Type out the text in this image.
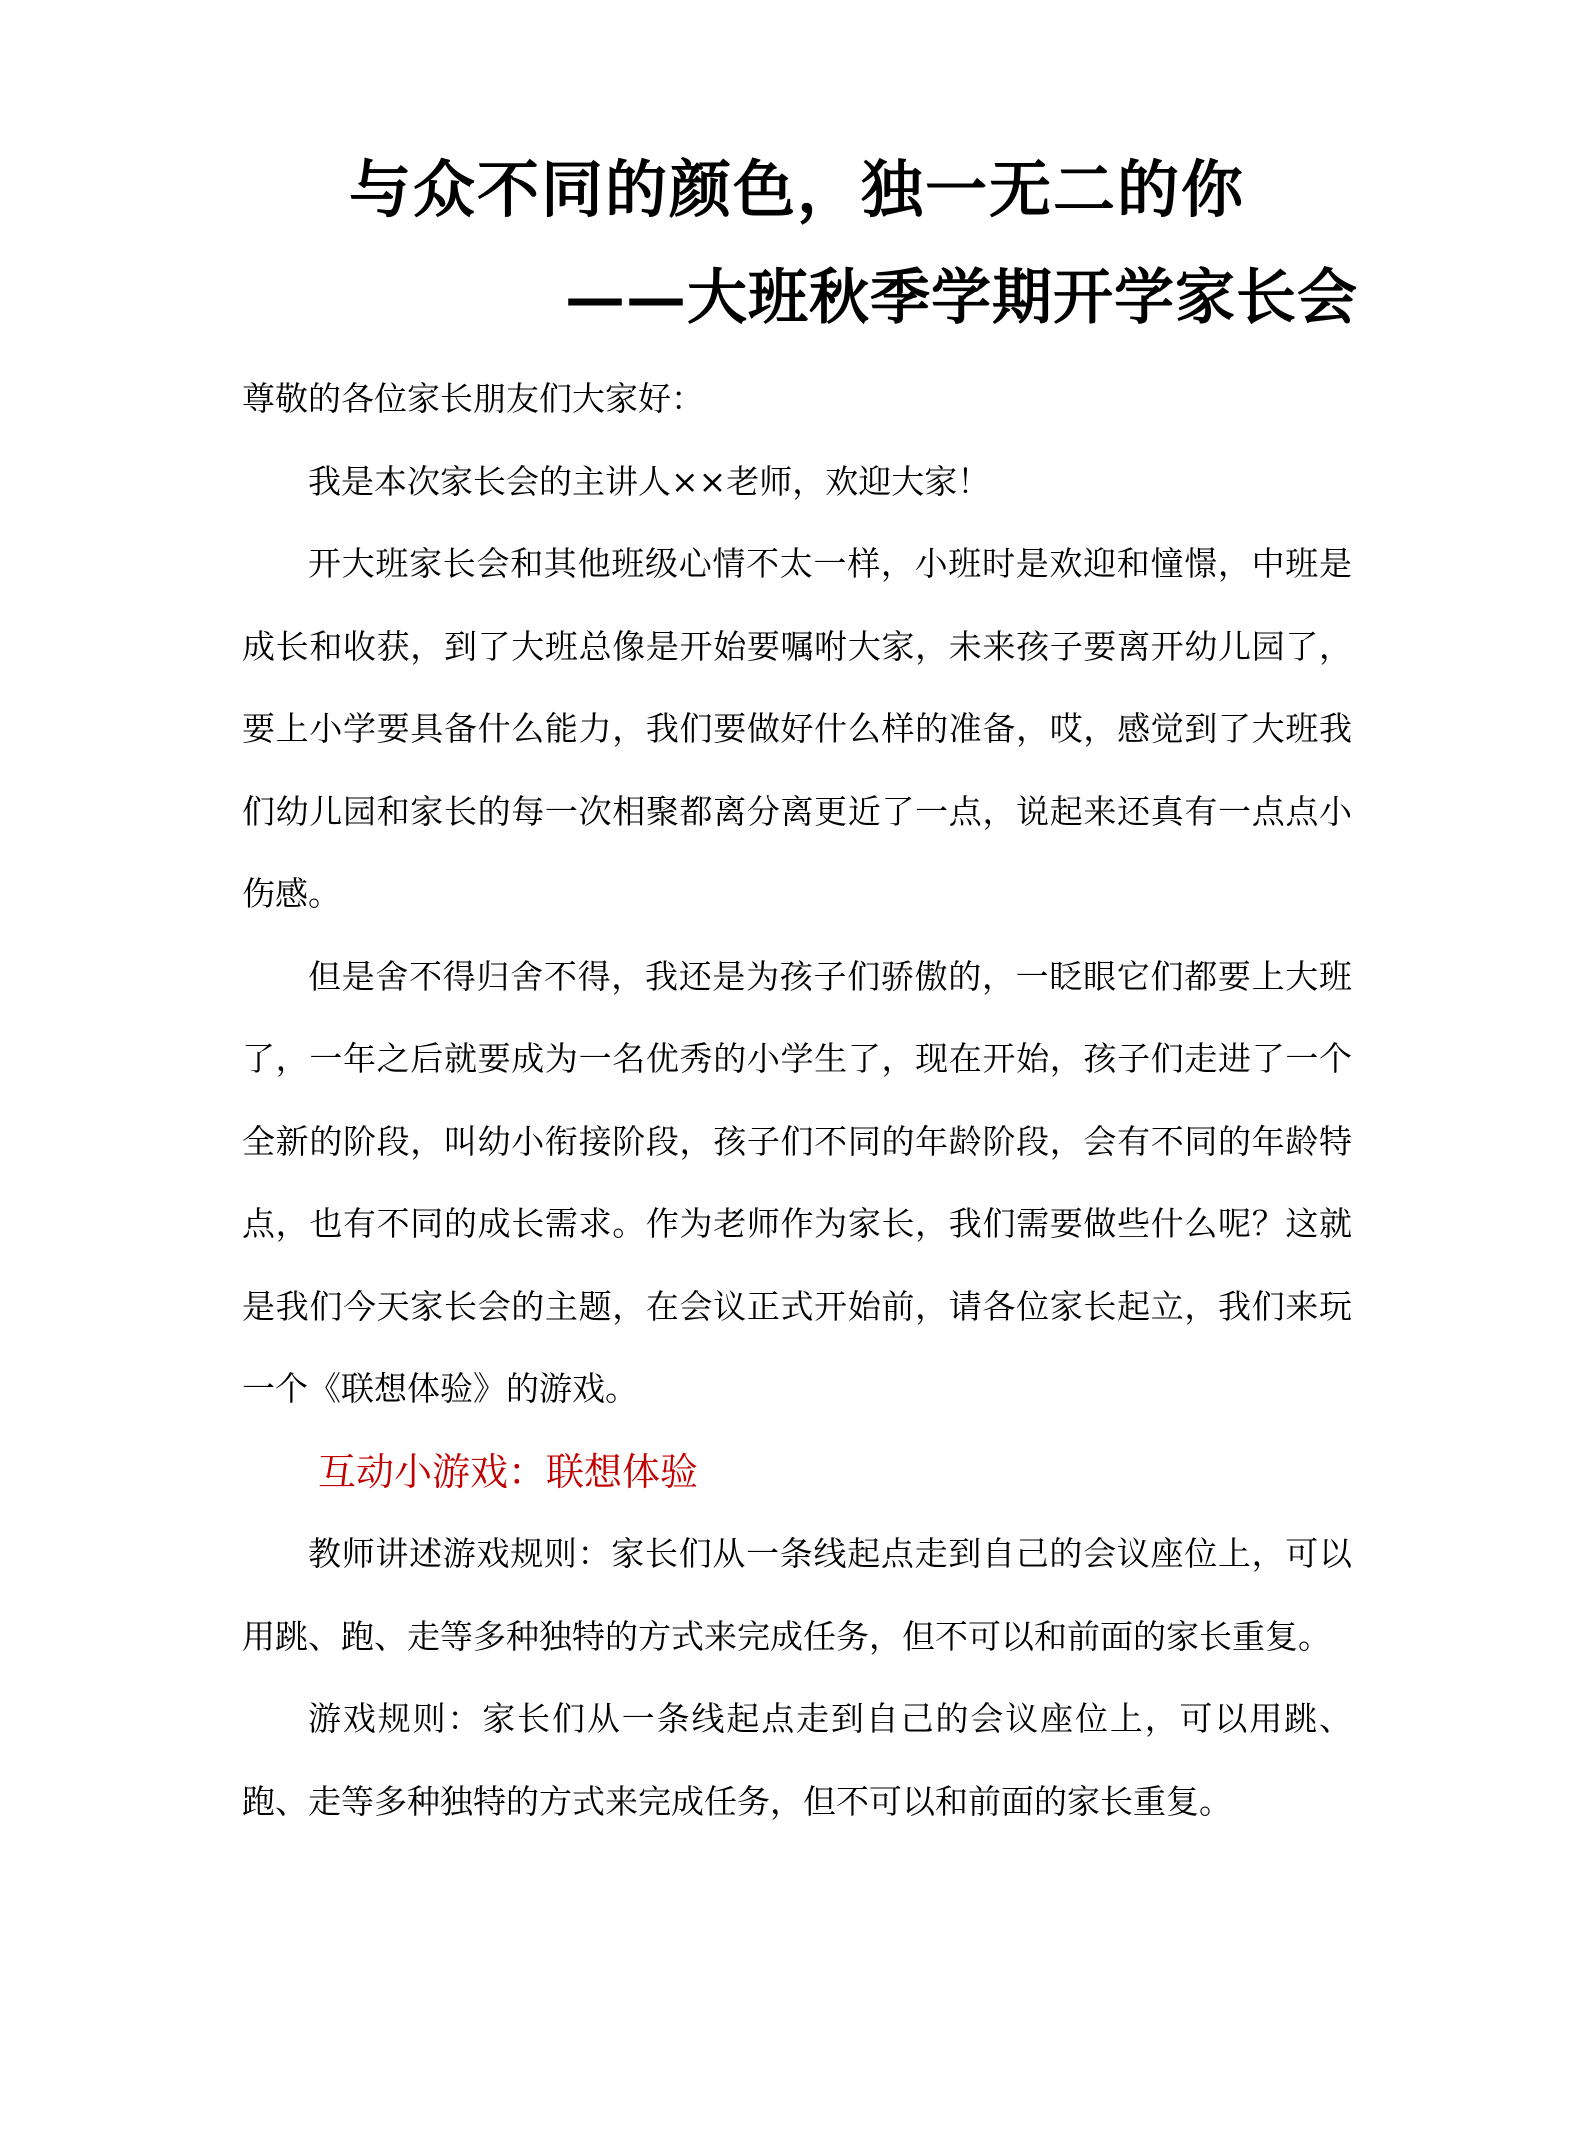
与众不同的颜色，独一无二的你
——大班秋季学期开学家长会

尊敬的各位家长朋友们大家好：

我是本次家长会的主讲人××老师，欢迎大家！

开大班家长会和其他班级心情不太一样，小班时是欢迎和憧憬，中班是成长和收获，到了大班总像是开始要嘱咐大家，未来孩子要离开幼儿园了，要上小学要具备什么能力，我们要做好什么样的准备，哎，感觉到了大班我们幼儿园和家长的每一次相聚都离分离更近了一点，说起来还真有一点点小伤感。

但是舍不得归舍不得，我还是为孩子们骄傲的，一眨眼它们都要上大班了，一年之后就要成为一名优秀的小学生了，现在开始，孩子们走进了一个全新的阶段，叫幼小衔接阶段，孩子们不同的年龄阶段，会有不同的年龄特点，也有不同的成长需求。作为老师作为家长，我们需要做些什么呢？这就是我们今天家长会的主题，在会议正式开始前，请各位家长起立，我们来玩一个《联想体验》的游戏。

互动小游戏：联想体验

教师讲述游戏规则：家长们从一条线起点走到自己的会议座位上，可以用跳、跑、走等多种独特的方式来完成任务，但不可以和前面的家长重复。

游戏规则：家长们从一条线起点走到自己的会议座位上，可以用跳、跑、走等多种独特的方式来完成任务，但不可以和前面的家长重复。
